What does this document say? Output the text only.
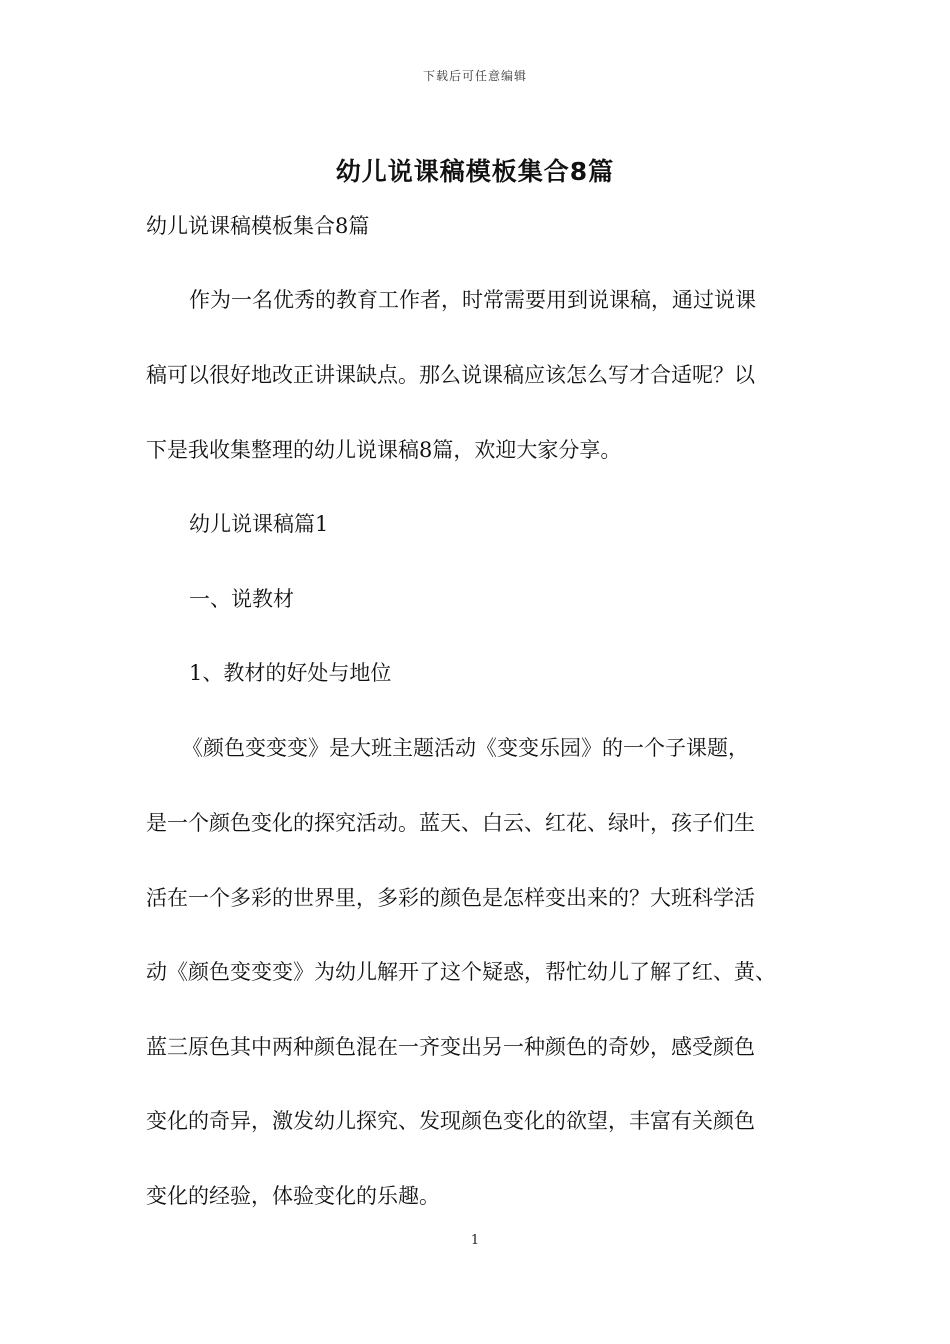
下载后可任意编辑
幼儿说课稿模板集合8篇
幼儿说课稿模板集合8篇
作为一名优秀的教育工作者，时常需要用到说课稿，通过说课
稿可以很好地改正讲课缺点。那么说课稿应该怎么写才合适呢？以
下是我收集整理的幼儿说课稿8篇，欢迎大家分享。
幼儿说课稿篇1
一、说教材
1、教材的好处与地位
《颜色变变变》是大班主题活动《变变乐园》的一个子课题，
是一个颜色变化的探究活动。蓝天、白云、红花、绿叶，孩子们生
活在一个多彩的世界里，多彩的颜色是怎样变出来的？大班科学活
动《颜色变变变》为幼儿解开了这个疑惑，帮忙幼儿了解了红、黄、
蓝三原色其中两种颜色混在一齐变出另一种颜色的奇妙，感受颜色
变化的奇异，激发幼儿探究、发现颜色变化的欲望，丰富有关颜色
变化的经验，体验变化的乐趣。
1
